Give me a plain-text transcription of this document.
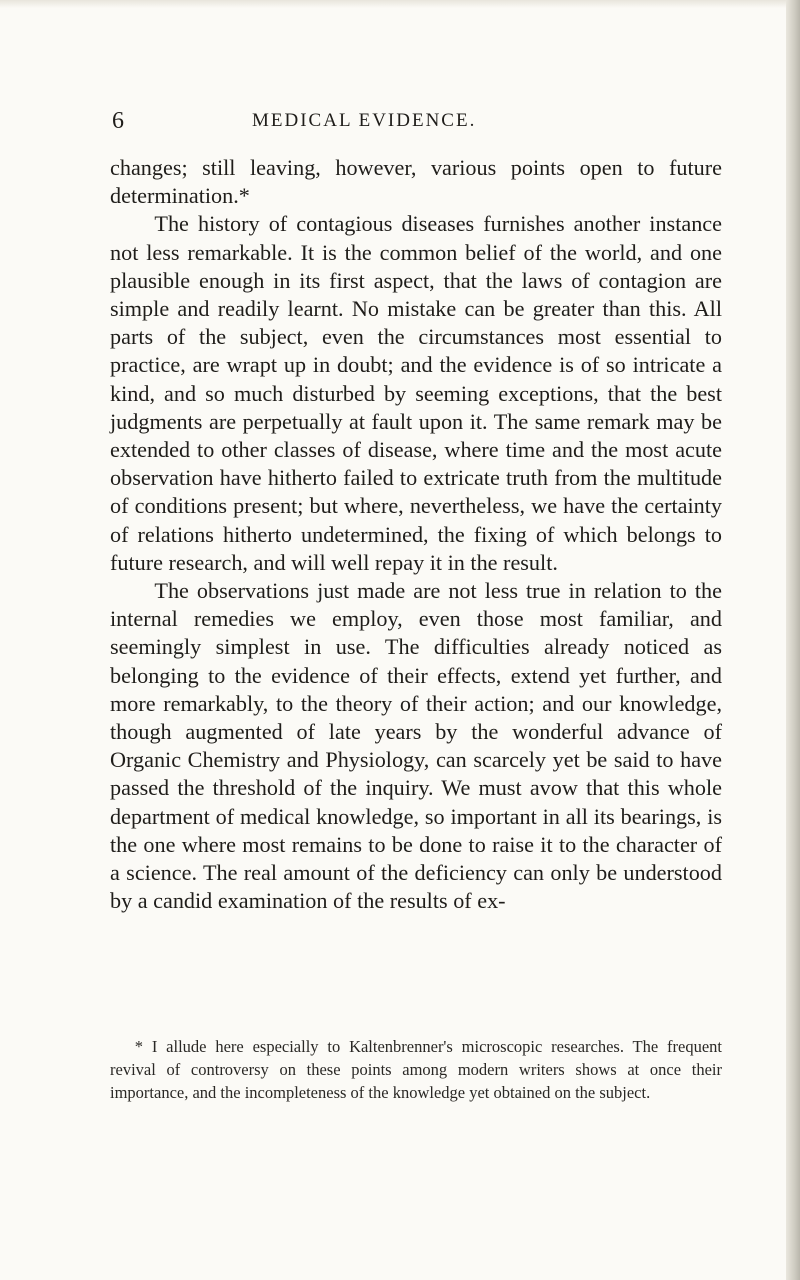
6	MEDICAL EVIDENCE.

changes; still leaving, however, various points open to future determination.*

The history of contagious diseases furnishes another instance not less remarkable. It is the common belief of the world, and one plausible enough in its first aspect, that the laws of contagion are simple and readily learnt. No mistake can be greater than this. All parts of the subject, even the circumstances most essential to practice, are wrapt up in doubt; and the evidence is of so intricate a kind, and so much disturbed by seeming exceptions, that the best judgments are perpetually at fault upon it. The same remark may be extended to other classes of disease, where time and the most acute observation have hitherto failed to extricate truth from the multitude of conditions present; but where, nevertheless, we have the certainty of relations hitherto undetermined, the fixing of which belongs to future research, and will well repay it in the result.

The observations just made are not less true in relation to the internal remedies we employ, even those most familiar, and seemingly simplest in use. The difficulties already noticed as belonging to the evidence of their effects, extend yet further, and more remarkably, to the theory of their action; and our knowledge, though augmented of late years by the wonderful advance of Organic Chemistry and Physiology, can scarcely yet be said to have passed the threshold of the inquiry. We must avow that this whole department of medical knowledge, so important in all its bearings, is the one where most remains to be done to raise it to the character of a science. The real amount of the deficiency can only be understood by a candid examination of the results of ex-

* I allude here especially to Kaltenbrenner's microscopic researches. The frequent revival of controversy on these points among modern writers shows at once their importance, and the incompleteness of the knowledge yet obtained on the subject.
